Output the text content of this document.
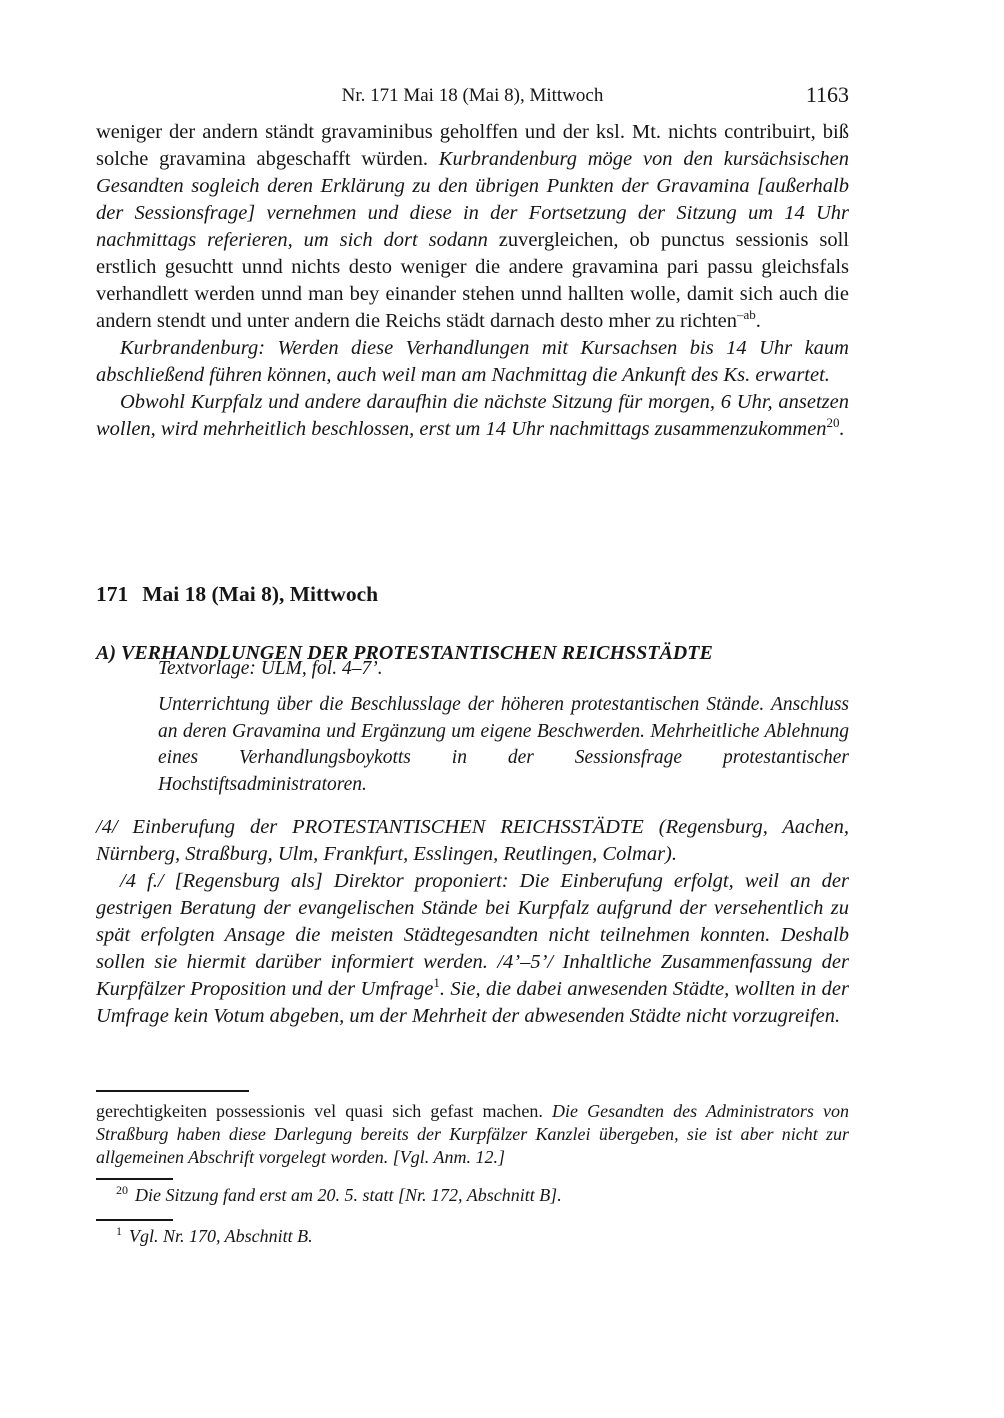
Nr. 171 Mai 18 (Mai 8), Mittwoch	1163

weniger der andern ständt gravaminibus geholffen und der ksl. Mt. nichts contribuirt, biß solche gravamina abgeschafft würden. Kurbrandenburg möge von den kursächsischen Gesandten sogleich deren Erklärung zu den übrigen Punkten der Gravamina [außerhalb der Sessionsfrage] vernehmen und diese in der Fortsetzung der Sitzung um 14 Uhr nachmittags referieren, um sich dort sodann zuvergleichen, ob punctus sessionis soll erstlich gesuchtt unnd nichts desto weniger die andere gravamina pari passu gleichsfals verhandlett werden unnd man bey einander stehen unnd hallten wolle, damit sich auch die andern stendt und unter andern die Reichs städt darnach desto mher zu richten$^{-ab}$.

Kurbrandenburg: Werden diese Verhandlungen mit Kursachsen bis 14 Uhr kaum abschließend führen können, auch weil man am Nachmittag die Ankunft des Ks. erwartet.

Obwohl Kurpfalz und andere daraufhin die nächste Sitzung für morgen, 6 Uhr, ansetzen wollen, wird mehrheitlich beschlossen, erst um 14 Uhr nachmittags zusammenzukommen$^{20}$.

171 Mai 18 (Mai 8), Mittwoch
A) VERHANDLUNGEN DER PROTESTANTISCHEN REICHSSTÄDTE

Textvorlage: ULM, fol. 4–7’.

Unterrichtung über die Beschlusslage der höheren protestantischen Stände. Anschluss an deren Gravamina und Ergänzung um eigene Beschwerden. Mehrheitliche Ablehnung eines Verhandlungsboykotts in der Sessionsfrage protestantischer Hochstiftsadministratoren.

/4/ Einberufung der PROTESTANTISCHEN REICHSSTÄDTE (Regensburg, Aachen, Nürnberg, Straßburg, Ulm, Frankfurt, Esslingen, Reutlingen, Colmar).

/4 f./ [Regensburg als] Direktor proponiert: Die Einberufung erfolgt, weil an der gestrigen Beratung der evangelischen Stände bei Kurpfalz aufgrund der versehentlich zu spät erfolgten Ansage die meisten Städtegesandten nicht teilnehmen konnten. Deshalb sollen sie hiermit darüber informiert werden. /4’–5’/ Inhaltliche Zusammenfassung der Kurpfälzer Proposition und der Umfrage$^1$. Sie, die dabei anwesenden Städte, wollten in der Umfrage kein Votum abgeben, um der Mehrheit der abwesenden Städte nicht vorzugreifen.

gerechtigkeiten possessionis vel quasi sich gefast machen. Die Gesandten des Administrators von Straßburg haben diese Darlegung bereits der Kurpfälzer Kanzlei übergeben, sie ist aber nicht zur allgemeinen Abschrift vorgelegt worden. [Vgl. Anm. 12.]

$^{20}$ Die Sitzung fand erst am 20. 5. statt [Nr. 172, Abschnitt B].

$^1$ Vgl. Nr. 170, Abschnitt B.
